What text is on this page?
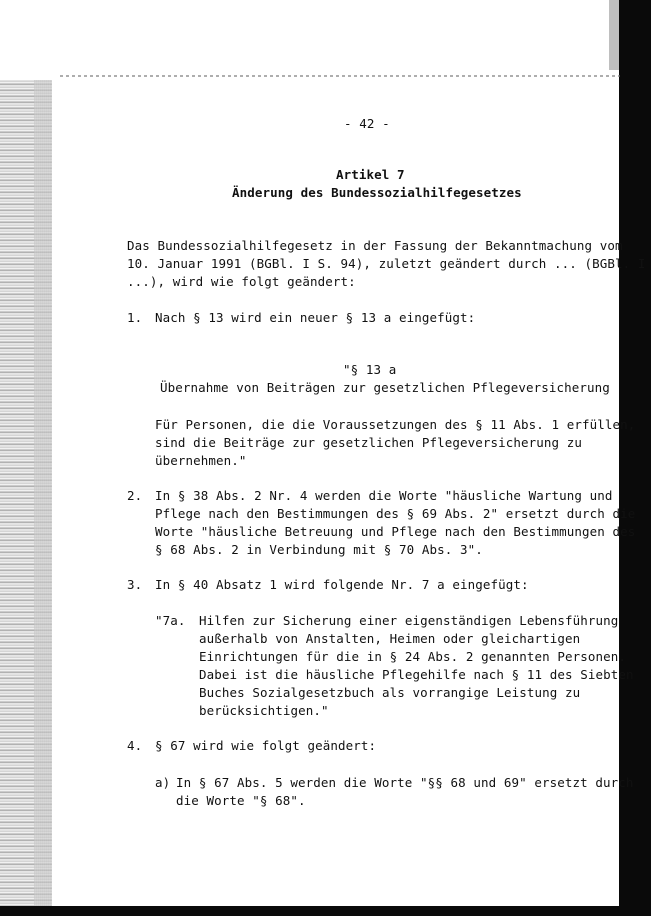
- 42 -
Artikel 7
Änderung des Bundessozialhilfegesetzes
Das Bundessozialhilfegesetz in der Fassung der Bekanntmachung vom
10. Januar 1991 (BGBl. I S. 94), zuletzt geändert durch ... (BGBl. I
...), wird wie folgt geändert:
1. Nach § 13 wird ein neuer § 13 a eingefügt:
"§ 13 a
Übernahme von Beiträgen zur gesetzlichen Pflegeversicherung
Für Personen, die die Voraussetzungen des § 11 Abs. 1 erfüllen,
sind die Beiträge zur gesetzlichen Pflegeversicherung zu
übernehmen."
2. In § 38 Abs. 2 Nr. 4 werden die Worte "häusliche Wartung und
Pflege nach den Bestimmungen des § 69 Abs. 2" ersetzt durch die
Worte "häusliche Betreuung und Pflege nach den Bestimmungen des
§ 68 Abs. 2 in Verbindung mit § 70 Abs. 3".
3. In § 40 Absatz 1 wird folgende Nr. 7 a eingefügt:
"7a. Hilfen zur Sicherung einer eigenständigen Lebensführung
außerhalb von Anstalten, Heimen oder gleichartigen
Einrichtungen für die in § 24 Abs. 2 genannten Personen.
Dabei ist die häusliche Pflegehilfe nach § 11 des Siebten
Buches Sozialgesetzbuch als vorrangige Leistung zu
berücksichtigen."
4. § 67 wird wie folgt geändert:
a) In § 67 Abs. 5 werden die Worte "§§ 68 und 69" ersetzt durch
die Worte "§ 68".
